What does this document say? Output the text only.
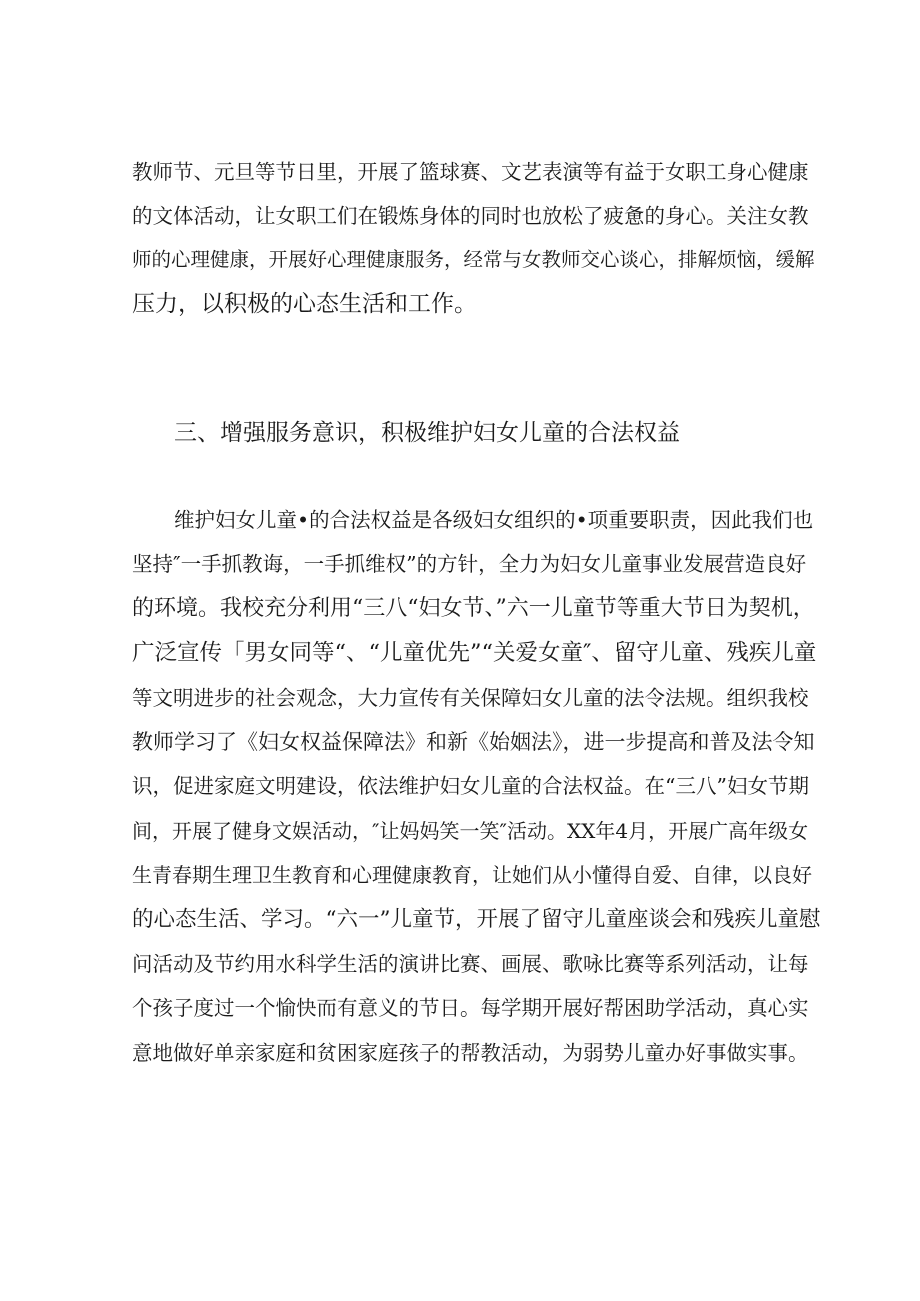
教师节、元旦等节日里，开展了篮球赛、文艺表演等有益于女职工身心健康
的文体活动，让女职工们在锻炼身体的同时也放松了疲惫的身心。关注女教
师的心理健康，开展好心理健康服务，经常与女教师交心谈心，排解烦恼，缓解
压力，以积极的心态生活和工作。
三、增强服务意识，积极维护妇女儿童的合法权益
维护妇女儿童•的合法权益是各级妇女组织的•项重要职责，因此我们也
坚持″一手抓教诲，一手抓维权”的方针，全力为妇女儿童事业发展营造良好
的环境。我校充分利用“三八“妇女节、”六一儿童节等重大节日为契机，
广泛宣传「男女同等“、“儿童优先”“关爱女童″、留守儿童、残疾儿童
等文明进步的社会观念，大力宣传有关保障妇女儿童的法令法规。组织我校
教师学习了《妇女权益保障法》和新《始姻法》，进一步提高和普及法令知
识，促进家庭文明建设，依法维护妇女儿童的合法权益。在“三八”妇女节期
间，开展了健身文娱活动，″让妈妈笑一笑″活动。XX年4月，开展广高年级女
生青春期生理卫生教育和心理健康教育，让她们从小懂得自爱、自律，以良好
的心态生活、学习。“六一”儿童节，开展了留守儿童座谈会和残疾儿童慰
问活动及节约用水科学生活的演讲比赛、画展、歌咏比赛等系列活动，让每
个孩子度过一个愉快而有意义的节日。每学期开展好帮困助学活动，真心实
意地做好单亲家庭和贫困家庭孩子的帮教活动，为弱势儿童办好事做实事。
